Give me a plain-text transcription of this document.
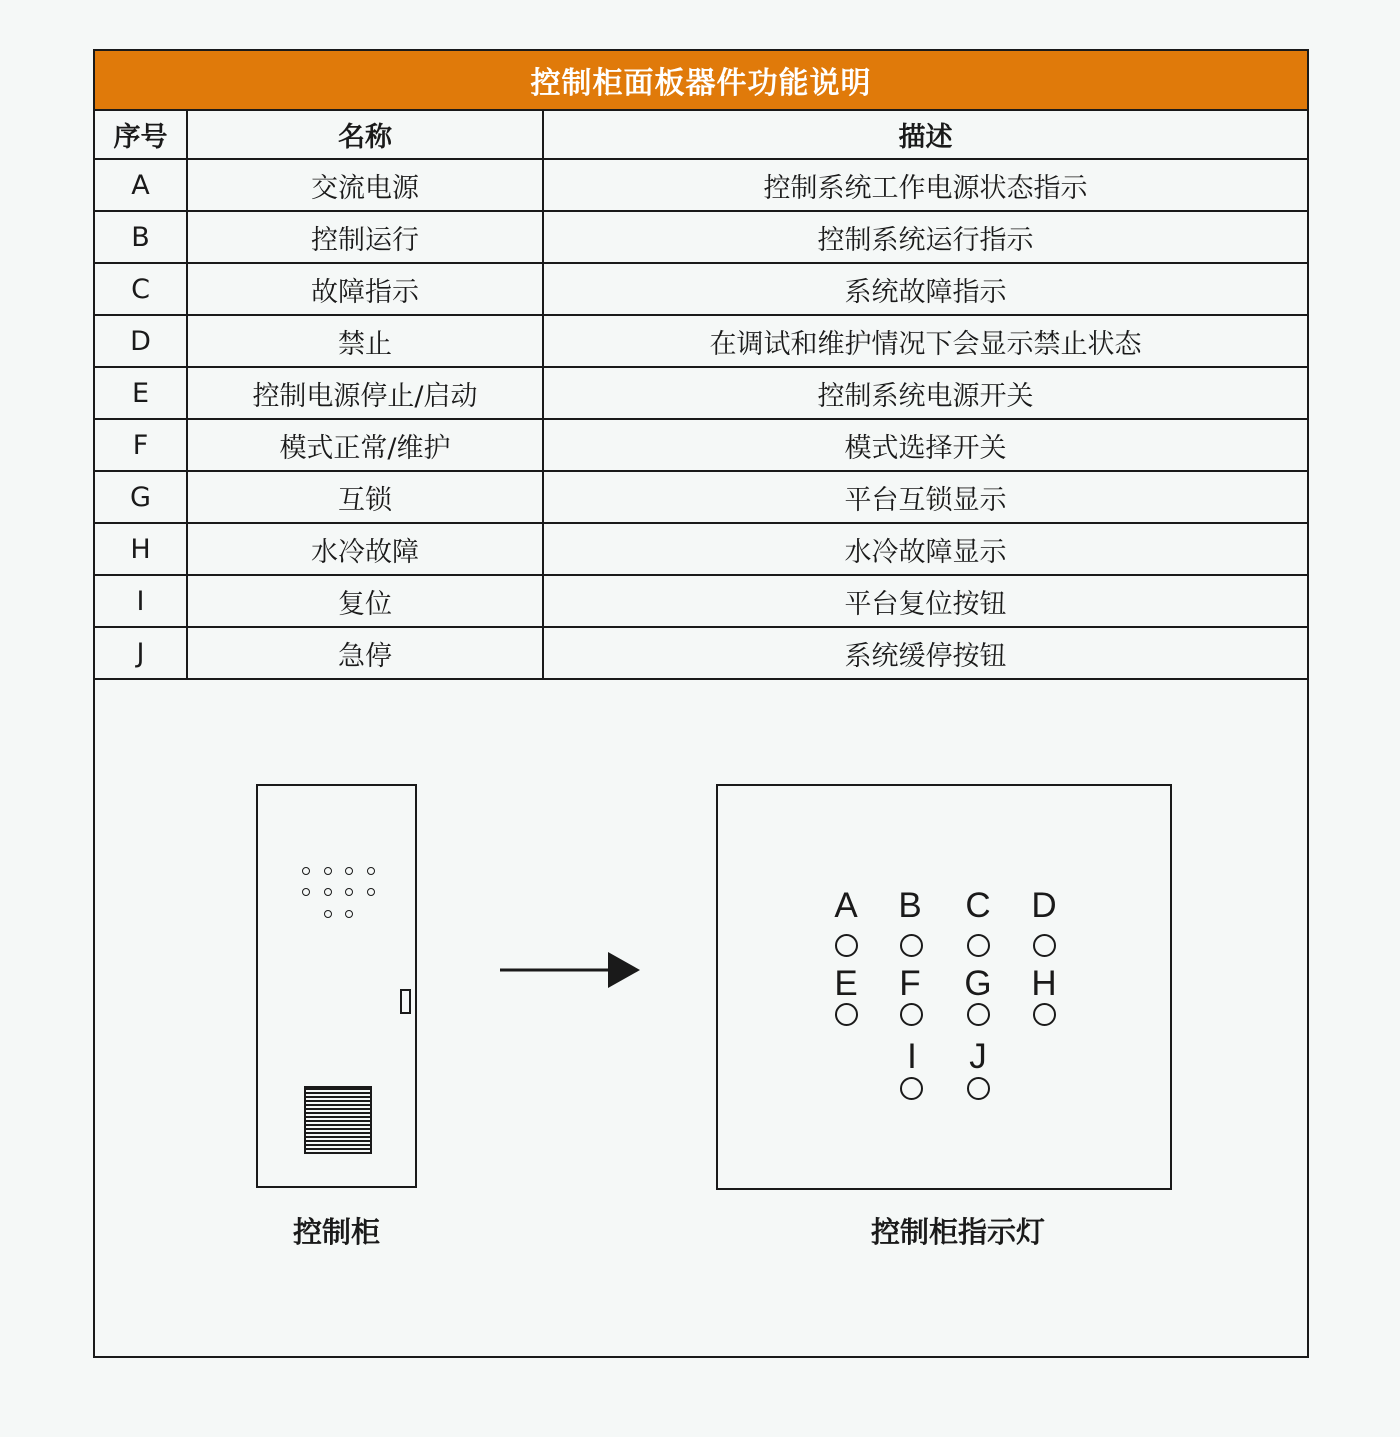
控制柜面板器件功能说明
序号	名称	描述
A	交流电源	控制系统工作电源状态指示
B	控制运行	控制系统运行指示
C	故障指示	系统故障指示
D	禁止	在调试和维护情况下会显示禁止状态
E	控制电源停止/启动	控制系统电源开关
F	模式正常/维护	模式选择开关
G	互锁	平台互锁显示
H	水冷故障	水冷故障显示
I	复位	平台复位按钮
J	急停	系统缓停按钮
控制柜
A B C D
E F G H
I	J
控制柜指示灯
